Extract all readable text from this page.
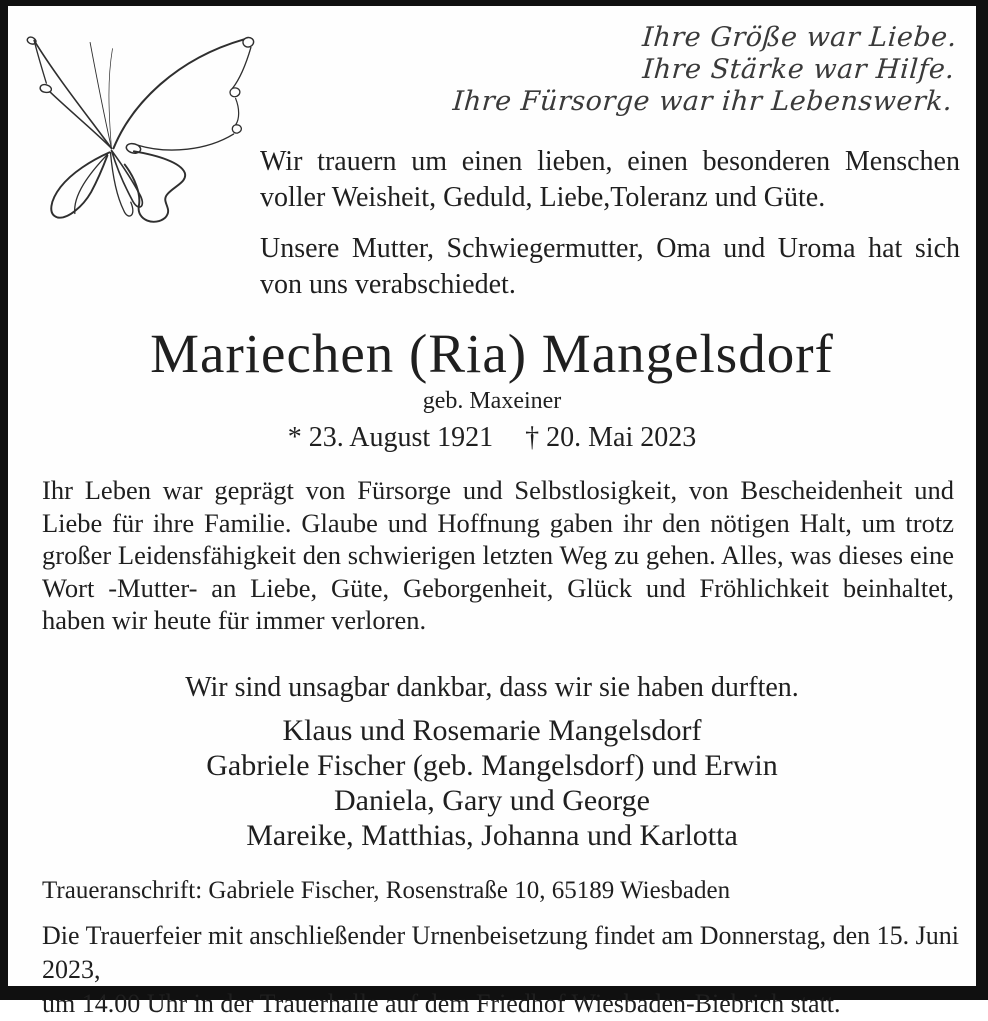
Ihre Größe war Liebe.
Ihre Stärke war Hilfe.
Ihre Fürsorge war ihr Lebenswerk.

Wir trauern um einen lieben, einen besonderen Menschen voller Weisheit, Geduld, Liebe,Toleranz und Güte.

Unsere Mutter, Schwiegermutter, Oma und Uroma hat sich von uns verabschiedet.

Mariechen (Ria) Mangelsdorf
geb. Maxeiner
* 23. August 1921 † 20. Mai 2023
Ihr Leben war geprägt von Fürsorge und Selbstlosigkeit, von Bescheidenheit und Liebe für ihre Familie. Glaube und Hoffnung gaben ihr den nötigen Halt, um trotz großer Leidensfähigkeit den schwierigen letzten Weg zu gehen. Alles, was dieses eine Wort -Mutter- an Liebe, Güte, Geborgenheit, Glück und Fröhlichkeit beinhaltet, haben wir heute für immer verloren.
Wir sind unsagbar dankbar, dass wir sie haben durften.
Klaus und Rosemarie Mangelsdorf
Gabriele Fischer (geb. Mangelsdorf) und Erwin
Daniela, Gary und George
Mareike, Matthias, Johanna und Karlotta
Traueranschrift: Gabriele Fischer, Rosenstraße 10, 65189 Wiesbaden
Die Trauerfeier mit anschließender Urnenbeisetzung findet am Donnerstag, den 15. Juni 2023,
um 14.00 Uhr in der Trauerhalle auf dem Friedhof Wiesbaden-Biebrich statt.
